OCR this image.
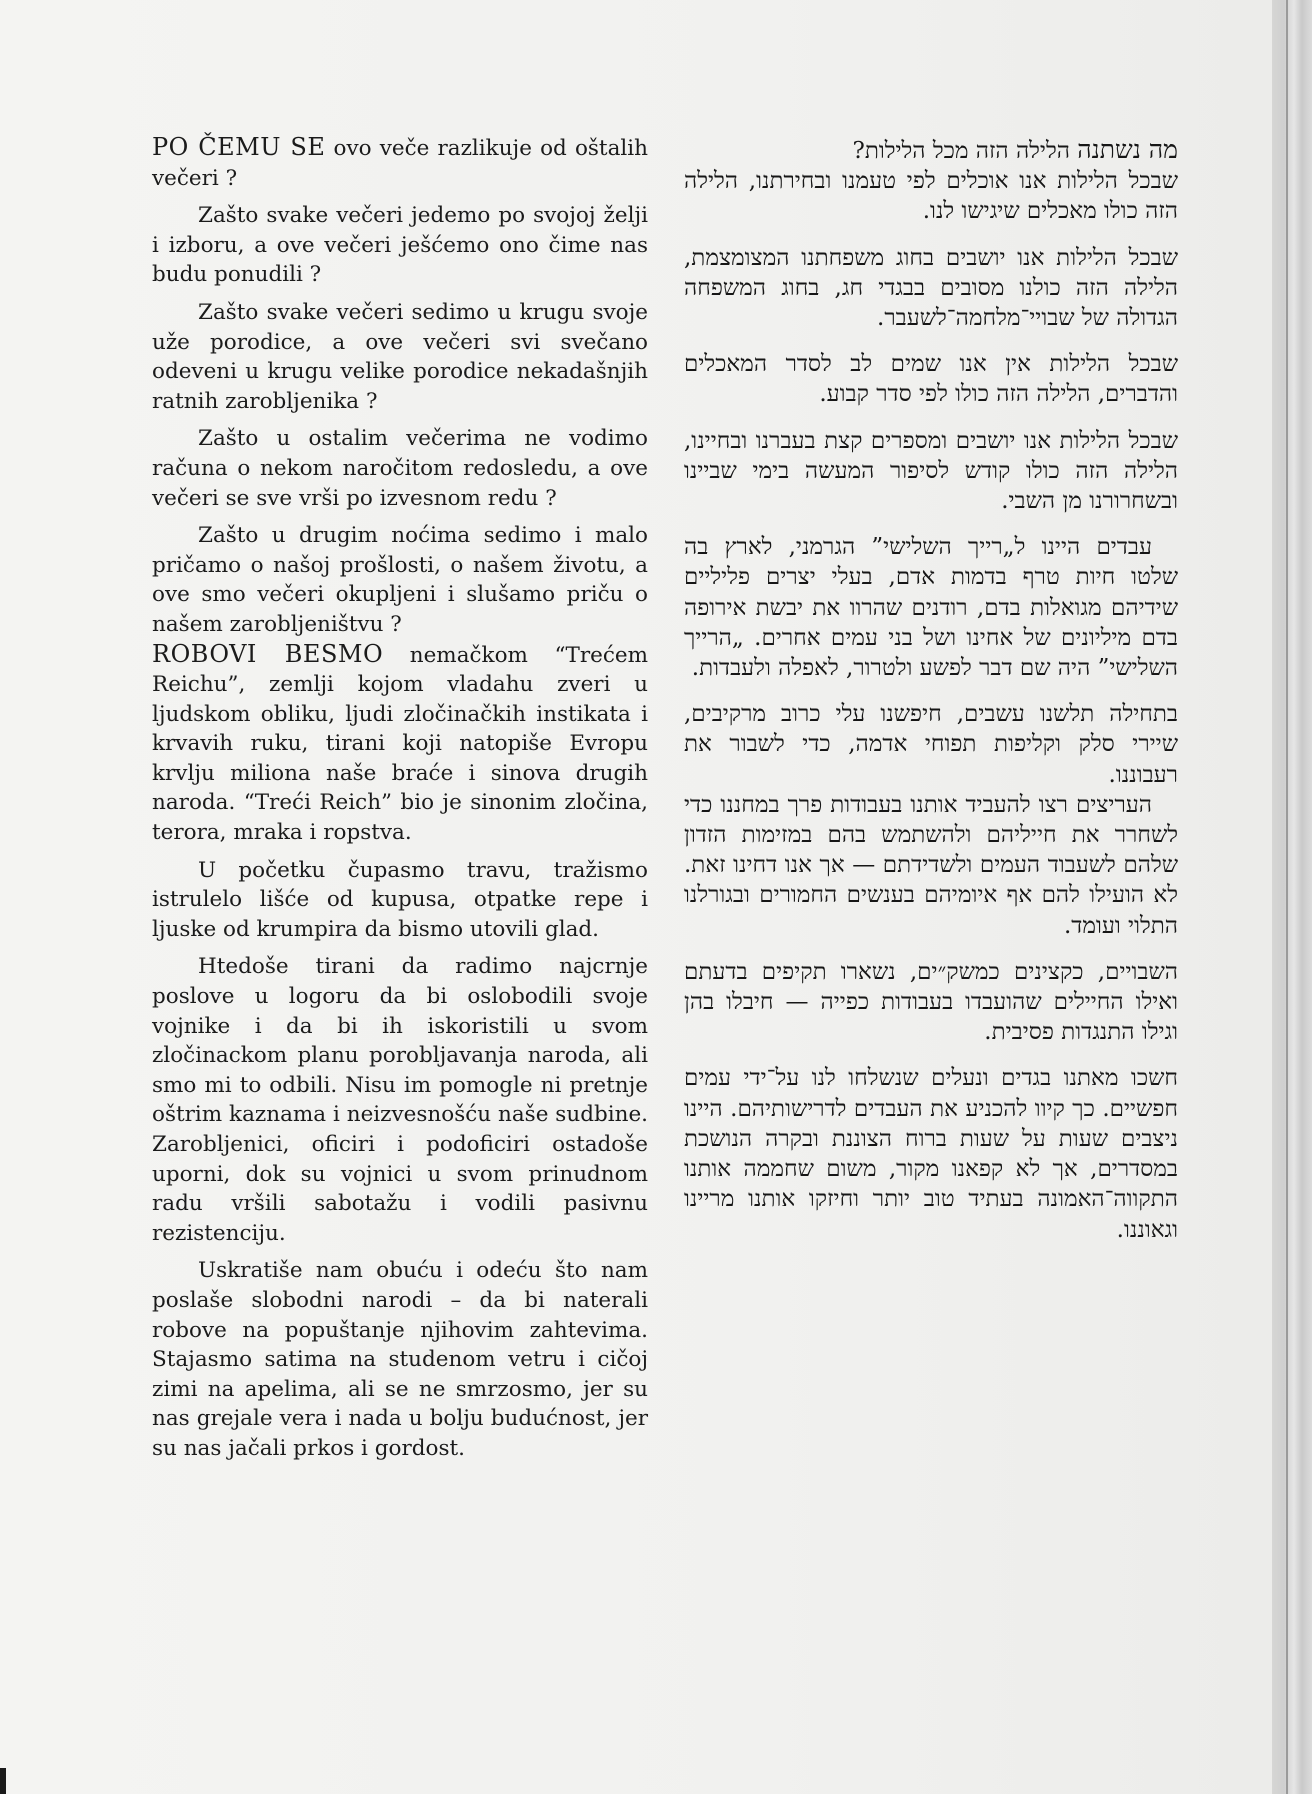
PO ČEMU SE ovo veče razlikuje od oštalih večeri ?

Zašto svake večeri jedemo po svojoj želji i izboru, a ove večeri ješćemo ono čime nas budu ponudili ?

Zašto svake večeri sedimo u krugu svoje uže porodice, a ove večeri svi svečano odeveni u krugu velike porodice nekadašnjih ratnih zarobljenika ?

Zašto u ostalim večerima ne vodimo računa o nekom naročitom redosledu, a ove večeri se sve vrši po izvesnom redu ?

Zašto u drugim noćima sedimo i malo pričamo o našoj prošlosti, o našem životu, a ove smo večeri okupljeni i slušamo priču o našem zarobljeništvu ?

ROBOVI BESMO nemačkom “Trećem Reichu”, zemlji kojom vladahu zveri u ljudskom obliku, ljudi zločinačkih instikata i krvavih ruku, tirani koji natopiše Evropu krvlju miliona naše braće i sinova drugih naroda. “Treći Reich” bio je sinonim zločina, terora, mraka i ropstva.

U početku čupasmo travu, tražismo istrulelo lišće od kupusa, otpatke repe i ljuske od krumpira da bismo utovili glad.

Htedoše tirani da radimo najcrnje poslove u logoru da bi oslobodili svoje vojnike i da bi ih iskoristili u svom zločinackom planu porobljavanja naroda, ali smo mi to odbili. Nisu im pomogle ni pretnje oštrim kaznama i neizvesnošću naše sudbine. Zarobljenici, oficiri i podoficiri ostadoše uporni, dok su vojnici u svom prinudnom radu vršili sabotažu i vodili pasivnu rezistenciju.

Uskratiše nam obuću i odeću što nam poslaše slobodni narodi – da bi naterali robove na popuštanje njihovim zahtevima. Stajasmo satima na studenom vetru i cičoj zimi na apelima, ali se ne smrzosmo, jer su nas grejale vera i nada u bolju budućnost, jer su nas jačali prkos i gordost.

מה נשתנה הלילה הזה מכל הלילות?

שבכל הלילות אנו אוכלים לפי טעמנו ובחירתנו, הלילה הזה כולו מאכלים שיגישו לנו.

שבכל הלילות אנו יושבים בחוג משפחתנו המצומצמת, הלילה הזה כולנו מסובים בבגדי חג, בחוג המשפחה הגדולה של שבויי־מלחמה־לשעבר.

שבכל הלילות אין אנו שמים לב לסדר המאכלים והדברים, הלילה הזה כולו לפי סדר קבוע.

שבכל הלילות אנו יושבים ומספרים קצת בעברנו ובחיינו, הלילה הזה כולו קודש לסיפור המעשה בימי שביינו ובשחרורנו מן השבי.

עבדים היינו ל„רייך השלישי” הגרמני, לארץ בה שלטו חיות טרף בדמות אדם, בעלי יצרים פליליים שידיהם מגואלות בדם, רודנים שהרוו את יבשת אירופה בדם מיליונים של אחינו ושל בני עמים אחרים. „הרייך השלישי” היה שם דבר לפשע ולטרור, לאפלה ולעבדות.

בתחילה תלשנו עשבים, חיפשנו עלי כרוב מרקיבים, שיירי סלק וקליפות תפוחי אדמה, כדי לשבור את רעבוננו.

העריצים רצו להעביד אותנו בעבודות פרך במחננו כדי לשחרר את חייליהם ולהשתמש בהם במזימות הזדון שלהם לשעבוד העמים ולשדידתם — אך אנו דחינו זאת. לא הועילו להם אף איומיהם בענשים החמורים ובגורלנו התלוי ועומד.

השבויים, כקצינים כמשק״ים, נשארו תקיפים בדעתם ואילו החיילים שהועבדו בעבודות כפייה — חיבלו בהן וגילו התנגדות פסיבית.

חשכו מאתנו בגדים ונעלים שנשלחו לנו על־ידי עמים חפשיים. כך קיוו להכניע את העבדים לדרישותיהם. היינו ניצבים שעות על שעות ברוח הצוננת ובקרה הנושכת במסדרים, אך לא קפאנו מקור, משום שחממה אותנו התקווה־האמונה בעתיד טוב יותר וחיזקו אותנו מריינו וגאוננו.
